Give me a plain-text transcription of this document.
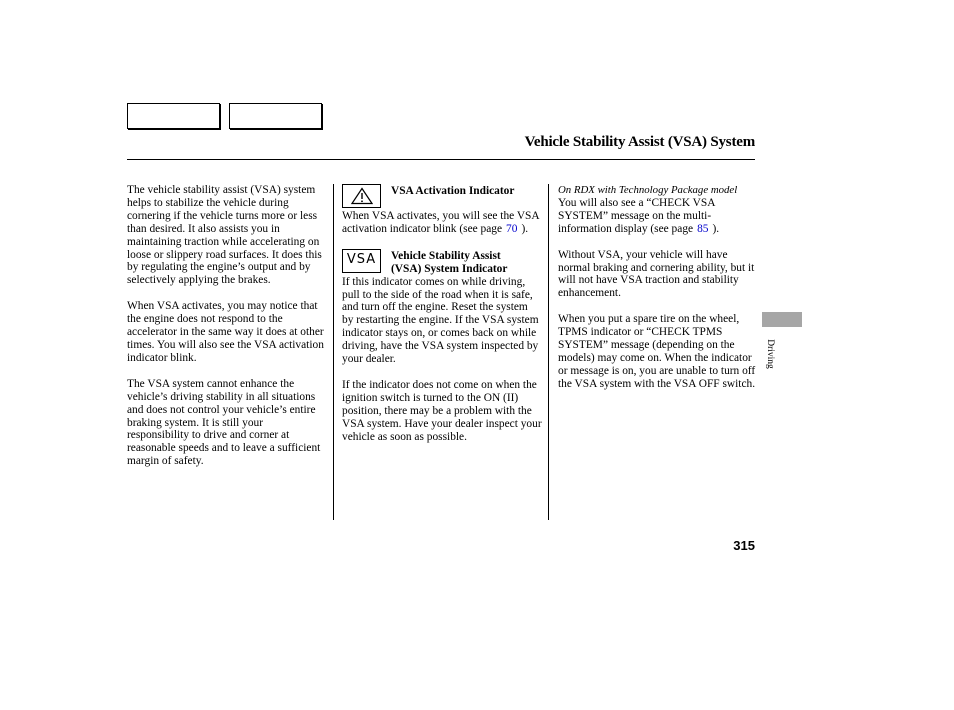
Vehicle Stability Assist (VSA) System

The vehicle stability assist (VSA) system helps to stabilize the vehicle during cornering if the vehicle turns more or less than desired. It also assists you in maintaining traction while accelerating on loose or slippery road surfaces. It does this by regulating the engine’s output and by selectively applying the brakes.

When VSA activates, you may notice that the engine does not respond to the accelerator in the same way it does at other times. You will also see the VSA activation indicator blink.

The VSA system cannot enhance the vehicle’s driving stability in all situations and does not control your vehicle’s entire braking system. It is still your responsibility to drive and corner at reasonable speeds and to leave a sufficient margin of safety.

VSA Activation Indicator

When VSA activates, you will see the VSA activation indicator blink (see page 70 ).

VSA Vehicle Stability Assist
(VSA) System Indicator

If this indicator comes on while driving, pull to the side of the road when it is safe, and turn off the engine. Reset the system by restarting the engine. If the VSA system indicator stays on, or comes back on while driving, have the VSA system inspected by your dealer.

If the indicator does not come on when the ignition switch is turned to the ON (II) position, there may be a problem with the VSA system. Have your dealer inspect your vehicle as soon as possible.

On RDX with Technology Package model

You will also see a “CHECK VSA SYSTEM” message on the multi-information display (see page 85 ).

Without VSA, your vehicle will have normal braking and cornering ability, but it will not have VSA traction and stability enhancement.

When you put a spare tire on the wheel, TPMS indicator or “CHECK TPMS SYSTEM” message (depending on the models) may come on. When the indicator or message is on, you are unable to turn off the VSA system with the VSA OFF switch.

Driving
315
